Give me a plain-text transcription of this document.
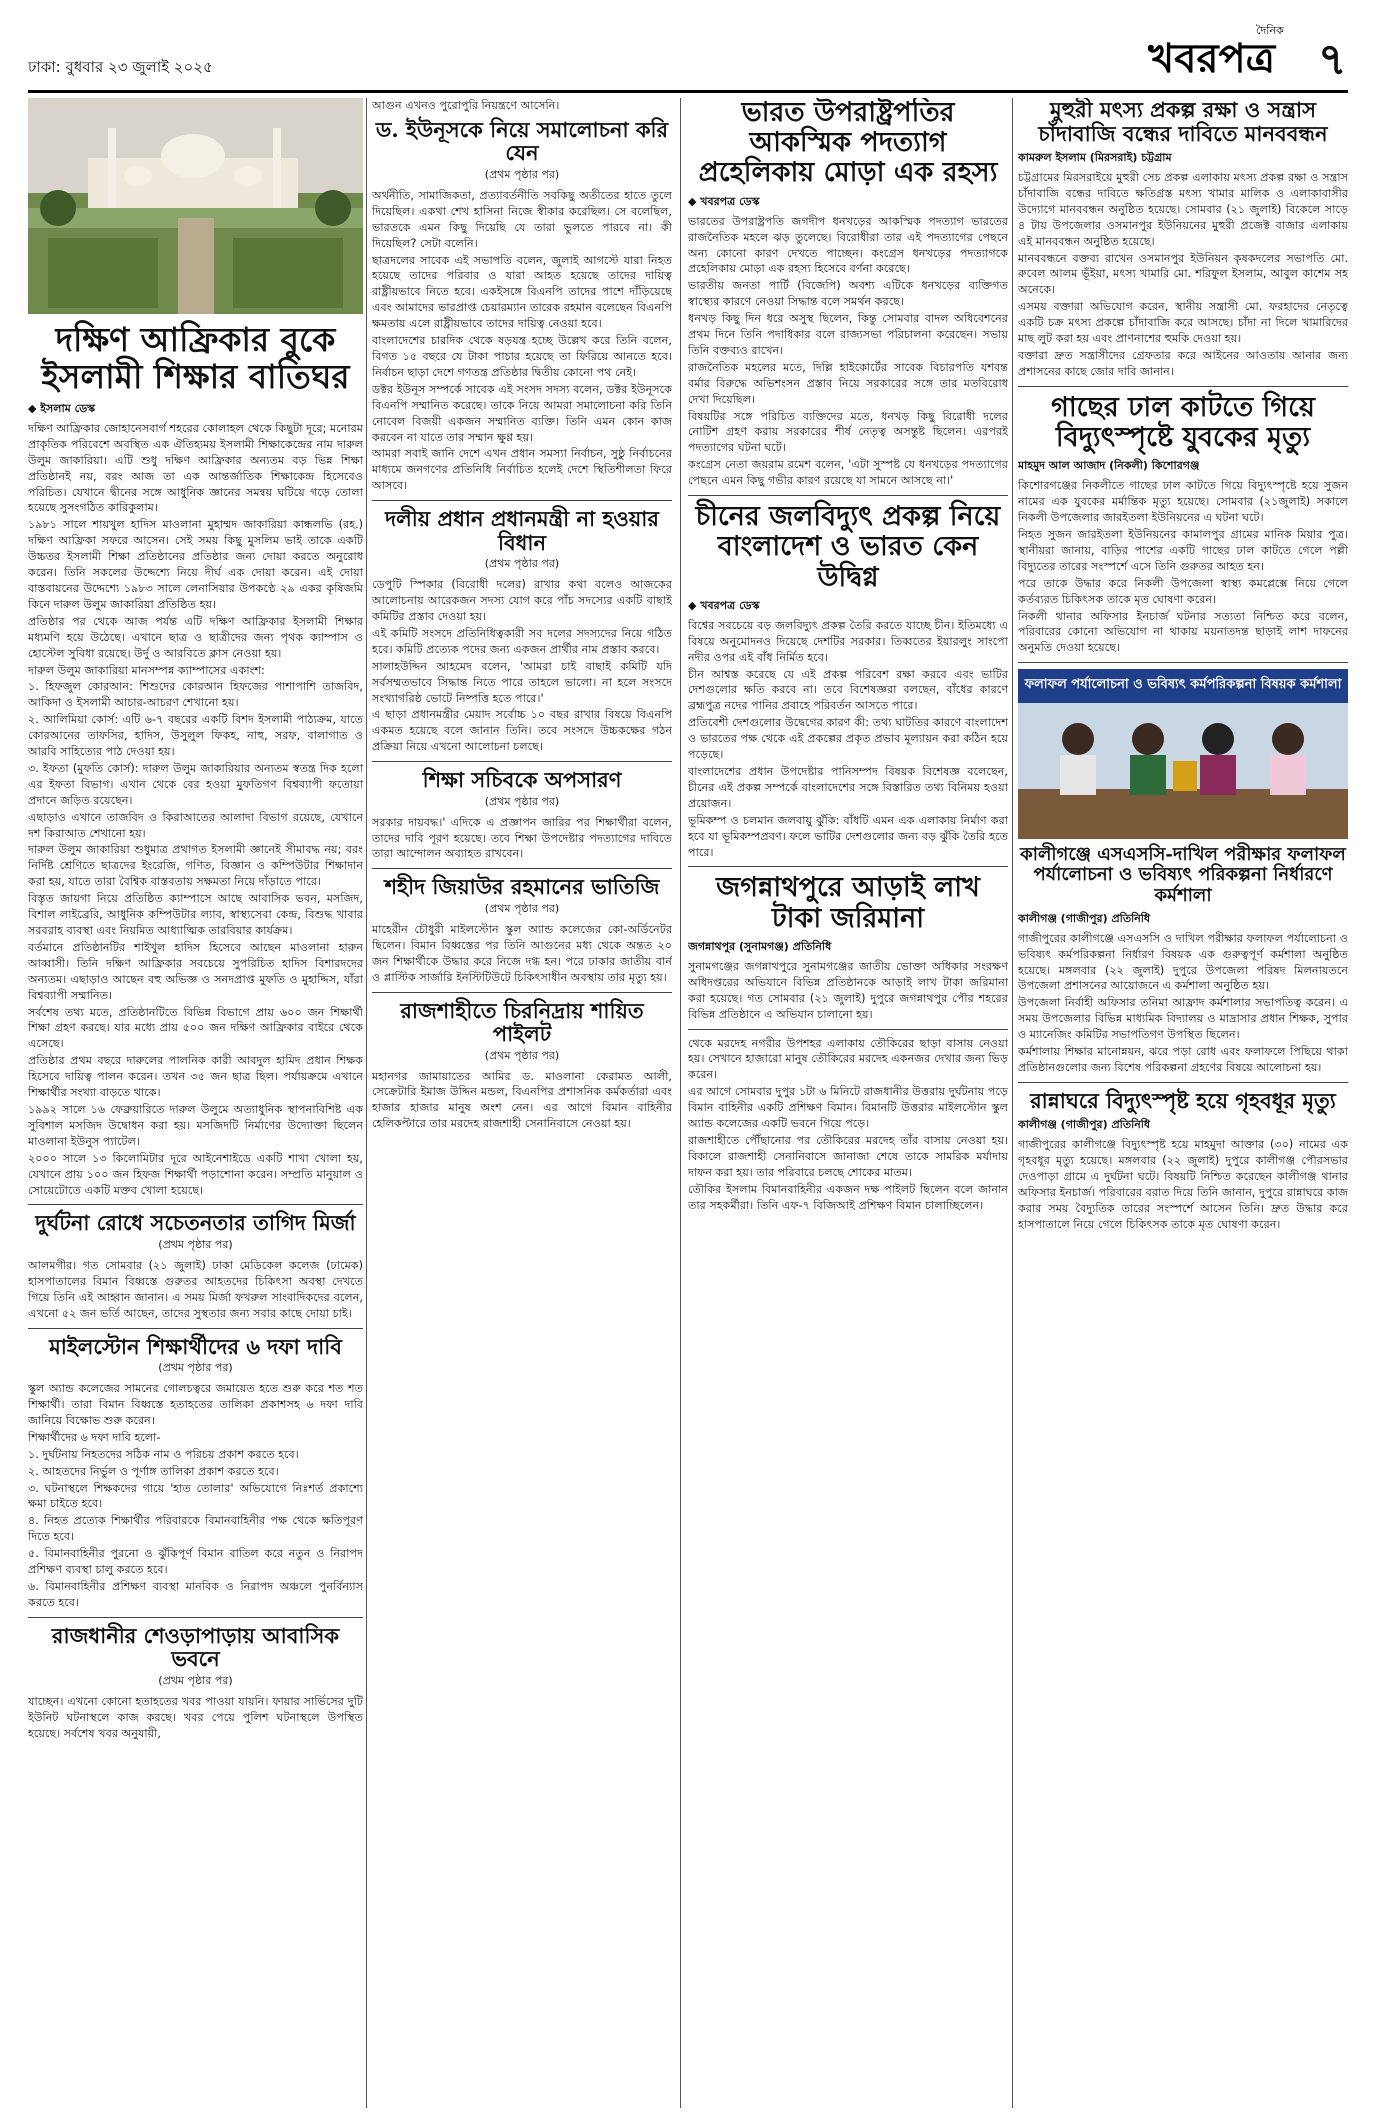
ঢাকা: বুধবার ২৩ জুলাই ২০২৫
দৈনিক
খবরপত্র ৭
দক্ষিণ আফ্রিকার বুকে ইসলামী শিক্ষার বাতিঘর
◆ ইসলাম ডেস্ক

দক্ষিণ আফ্রিকার জোহানেসবার্গ শহরের কোলাহল থেকে কিছুটা দূরে; মনোরম প্রাকৃতিক পরিবেশে অবস্থিত এক ঐতিহ্যময় ইসলামী শিক্ষাকেন্দ্রের নাম দারুল উলুম জাকারিয়া। এটি শুধু দক্ষিণ আফ্রিকার অন্যতম বড় ভিন্ন শিক্ষা প্রতিষ্ঠানই নয়, বরং আজ তা এক আন্তর্জাতিক শিক্ষাকেন্দ্র হিসেবেও পরিচিত। যেখানে দ্বীনের সঙ্গে আধুনিক জ্ঞানের সমন্বয় ঘটিয়ে গড়ে তোলা হয়েছে সুসংগঠিত কারিকুলাম।

১৯৮১ সালে শায়খুল হাদিস মাওলানা মুহাম্মদ জাকারিয়া কান্ধলভি (রহ.) দক্ষিণ আফ্রিকা সফরে আসেন। সেই সময় কিছু মুসলিম ভাই তাকে একটি উচ্চতর ইসলামী শিক্ষা প্রতিষ্ঠানের প্রতিষ্ঠার জন্য দোয়া করতে অনুরোধ করেন। তিনি সকলের উদ্দেশ্যে নিয়ে দীর্ঘ এক দোয়া করেন। এই দোয়া বাস্তবায়নের উদ্দেশ্যে ১৯৮৩ সালে লেনাসিয়ার উপকণ্ঠে ২৯ একর কৃষিজমি কিনে দারুল উলুম জাকারিয়া প্রতিষ্ঠিত হয়।

প্রতিষ্ঠার পর থেকে আজ পর্যন্ত এটি দক্ষিণ আফ্রিকার ইসলামী শিক্ষার মধ্যমণি হয়ে উঠেছে। এখানে ছাত্র ও ছাত্রীদের জন্য পৃথক ক্যাম্পাস ও হোস্টেল সুবিধা রয়েছে। উর্দু ও আরবিতে ক্লাস নেওয়া হয়।

দারুল উলুম জাকারিয়া মানসম্পন্ন ক্যাম্পাসের একাংশ:

১. হিফজুল কোরআন: শিশুদের কোরআন হিফজের পাশাপাশি তাজবিদ, আকিদা ও ইসলামী আচার-আচরণ শেখানো হয়।

২. আলিমিয়া কোর্স: এটি ৬-৭ বছরের একটি বিশদ ইসলামী পাঠ্যক্রম, যাতে কোরআনের তাফসির, হাদিস, উসুলুল ফিকহ, নাহু, সরফ, বালাগাত ও আরবি সাহিত্যের পাঠ দেওয়া হয়।

৩. ইফতা (মুফতি কোর্স): দারুল উলুম জাকারিয়ার অন্যতম স্বতন্ত্র দিক হলো এর ইফতা বিভাগ। এখান থেকে বের হওয়া মুফতিগণ বিশ্বব্যাপী ফতোয়া প্রদানে জড়িত রয়েছেন।

এছাড়াও এখানে তাজবিদ ও কিরাআতের আলাদা বিভাগ রয়েছে, যেখানে দশ কিরাআত শেখানো হয়।

দারুল উলুম জাকারিয়া শুধুমাত্র প্রথাগত ইসলামী জ্ঞানেই সীমাবদ্ধ নয়; বরং নির্দিষ্ট শ্রেণিতে ছাত্রদের ইংরেজি, গণিত, বিজ্ঞান ও কম্পিউটার শিক্ষাদান করা হয়, যাতে তারা বৈশ্বিক বাস্তবতায় সক্ষমতা নিয়ে দাঁড়াতে পারে।

বিস্তৃত জায়গা নিয়ে প্রতিষ্ঠিত ক্যাম্পাসে আছে আবাসিক ভবন, মসজিদ, বিশাল লাইব্রেরি, আধুনিক কম্পিউটার ল্যাব, স্বাস্থ্যসেবা কেন্দ্র, বিশুদ্ধ খাবার সরবরাহ ব্যবস্থা এবং নিয়মিত আধ্যাত্মিক তারবিয়ার কার্যক্রম।

বর্তমানে প্রতিষ্ঠানটির শাইখুল হাদিস হিসেবে আছেন মাওলানা হারুন আব্বাসী। তিনি দক্ষিণ আফ্রিকার সবচেয়ে সুপরিচিত হাদিস বিশারদদের অন্যতম। এছাড়াও আছেন বহু অভিজ্ঞ ও সনদপ্রাপ্ত মুফতি ও মুহাদ্দিস, যাঁরা বিশ্বব্যাপী সম্মানিত।

সর্বশেষ তথ্য মতে, প্রতিষ্ঠানটিতে বিভিন্ন বিভাগে প্রায় ৬০০ জন শিক্ষার্থী শিক্ষা গ্রহণ করছে। যার মধ্যে প্রায় ৫০০ জন দক্ষিণ আফ্রিকার বাইরে থেকে এসেছে।

প্রতিষ্ঠার প্রথম বছরে দারুলের পালনিক কারী আবদুল হামিদ প্রধান শিক্ষক হিসেবে দায়িত্ব পালন করেন। তখন ৩৫ জন ছাত্র ছিল। পর্যায়ক্রমে এখানে শিক্ষার্থীর সংখ্যা বাড়তে থাকে।

১৯৯২ সালে ১৬ ফেব্রুয়ারিতে দারুল উলুমে অত্যাধুনিক স্থাপনাবিশিষ্ট এক সুবিশাল মসজিদ উদ্বোধন করা হয়। মসজিদটি নির্মাণের উদ্যোক্তা ছিলেন মাওলানা ইউনুস প্যাটেল।

২০০০ সালে ১৩ কিলোমিটার দূরে আইনেশাইডে একটি শাখা খোলা হয়, যেখানে প্রায় ১০০ জন হিফজ শিক্ষার্থী পড়াশোনা করেন। সম্প্রতি মানুয়াল ও সোয়েটোতে একটি মক্তব খোলা হয়েছে।

দুর্ঘটনা রোধে সচেতনতার তাগিদ মির্জা
(প্রথম পৃষ্ঠার পর)
আলমগীর। গত সোমবার (২১ জুলাই) ঢাকা মেডিকেল কলেজ (ঢামেক) হাসপাতালের বিমান বিধ্বস্তে গুরুতর আহতদের চিকিৎসা অবস্থা দেখতে গিয়ে তিনি এই আহ্বান জানান। এ সময় মির্জা ফখরুল সাংবাদিকদের বলেন, এখনো ৫২ জন ভর্তি আছেন, তাদের সুস্থতার জন্য সবার কাছে দোয়া চাই।
মাইলস্টোন শিক্ষার্থীদের ৬ দফা দাবি
(প্রথম পৃষ্ঠার পর)

স্কুল অ্যান্ড কলেজের সামনের গোলচত্বরে জমায়েত হতে শুরু করে শত শত শিক্ষার্থী। তারা বিমান বিধ্বস্তে হতাহতের তালিকা প্রকাশসহ ৬ দফা দাবি জানিয়ে বিক্ষোভ শুরু করেন।

শিক্ষার্থীদের ৬ দফা দাবি হলো-

১. দুর্ঘটনায় নিহতদের সঠিক নাম ও পরিচয় প্রকাশ করতে হবে।

২. আহতদের নির্ভুল ও পূর্ণাঙ্গ তালিকা প্রকাশ করতে হবে।

৩. ঘটনাস্থলে শিক্ষকদের গায়ে 'হাত তোলার' অভিযোগে নিঃশর্ত প্রকাশ্যে ক্ষমা চাইতে হবে।

৪. নিহত প্রত্যেক শিক্ষার্থীর পরিবারকে বিমানবাহিনীর পক্ষ থেকে ক্ষতিপূরণ দিতে হবে।

৫. বিমানবাহিনীর পুরনো ও ঝুঁকিপূর্ণ বিমান বাতিল করে নতুন ও নিরাপদ প্রশিক্ষণ ব্যবস্থা চালু করতে হবে।

৬. বিমানবাহিনীর প্রশিক্ষণ ব্যবস্থা মানবিক ও নিরাপদ অঞ্চলে পুনর্বিন্যাস করতে হবে।

রাজধানীর শেওড়াপাড়ায় আবাসিক ভবনে
(প্রথম পৃষ্ঠার পর)
যাচ্ছেন। এখনো কোনো হতাহতের খবর পাওয়া যায়নি। ফায়ার সার্ভিসের দুটি ইউনিট ঘটনাস্থলে কাজ করছে। খবর পেয়ে পুলিশ ঘটনাস্থলে উপস্থিত হয়েছে। সর্বশেষ খবর অনুযায়ী,
আগুন এখনও পুরোপুরি নিয়ন্ত্রণে আসেনি।
ড. ইউনূসকে নিয়ে সমালোচনা করি যেন
(প্রথম পৃষ্ঠার পর)

অর্থনীতি, সামাজিকতা, প্রত্যাবর্তনীতি সবকিছু অতীতের হাতে তুলে দিয়েছিল। একথা শেখ হাসিনা নিজে স্বীকার করেছিল। সে বলেছিল, ভারতকে এমন কিছু দিয়েছি যে তারা ভুলতে পারবে না। কী দিয়েছিল? সেটা বলেনি।

ছাত্রদলের সাবেক এই সভাপতি বলেন, জুলাই আগস্টে যারা নিহত হয়েছে তাদের পরিবার ও যারা আহত হয়েছে তাদের দায়িত্ব রাষ্ট্রীয়ভাবে নিতে হবে। একইসঙ্গে বিএনপি তাদের পাশে দাঁড়িয়েছে এবং আমাদের ভারপ্রাপ্ত চেয়ারম্যান তারেক রহমান বলেছেন বিএনপি ক্ষমতায় এলে রাষ্ট্রীয়ভাবে তাদের দায়িত্ব নেওয়া হবে।

বাংলাদেশের চারদিক থেকে ষড়যন্ত্র হচ্ছে উল্লেখ করে তিনি বলেন, বিগত ১৫ বছরে যে টাকা পাচার হয়েছে তা ফিরিয়ে আনতে হবে। নির্বাচন ছাড়া দেশে গণতন্ত্র প্রতিষ্ঠার দ্বিতীয় কোনো পথ নেই।

ডক্টর ইউনূস সম্পর্কে সাবেক এই সংসদ সদস্য বলেন, ডক্টর ইউনূসকে বিএনপি সম্মানিত করেছে। তাকে নিয়ে আমরা সমালোচনা করি তিনি নোবেল বিজয়ী একজন সম্মানিত ব্যক্তি। তিনি এমন কোন কাজ করবেন না যাতে তার সম্মান ক্ষুণ্ণ হয়।

আমরা সবাই জানি দেশে এখন প্রধান সমস্যা নির্বাচন, সুষ্ঠু নির্বাচনের মাধ্যমে জনগণের প্রতিনিধি নির্বাচিত হলেই দেশে স্থিতিশীলতা ফিরে আসবে।

দলীয় প্রধান প্রধানমন্ত্রী না হওয়ার বিধান
(প্রথম পৃষ্ঠার পর)

ডেপুটি স্পিকার (বিরোধী দলের) রাখার কথা বলেও আজকের আলোচনায় আরেকজন সদস্য যোগ করে পাঁচ সদস্যের একটি বাছাই কমিটির প্রস্তাব দেওয়া হয়।

এই কমিটি সংসদে প্রতিনিধিত্বকারী সব দলের সদস্যদের নিয়ে গঠিত হবে। কমিটি প্রত্যেক পদের জন্য একজন প্রার্থীর নাম প্রস্তাব করবে।

সালাহউদ্দিন আহমেদ বলেন, 'আমরা চাই বাছাই কমিটি যদি সর্বসম্মতভাবে সিদ্ধান্ত নিতে পারে তাহলে ভালো। না হলে সংসদে সংখ্যাগরিষ্ঠ ভোটে নিষ্পত্তি হতে পারে।'

এ ছাড়া প্রধানমন্ত্রীর মেয়াদ সর্বোচ্চ ১০ বছর রাখার বিষয়ে বিএনপি একমত হয়েছে বলে জানান তিনি। তবে সংসদে উচ্চকক্ষের গঠন প্রক্রিয়া নিয়ে এখনো আলোচনা চলছে।

শিক্ষা সচিবকে অপসারণ
(প্রথম পৃষ্ঠার পর)
সরকার দায়বদ্ধ।' এদিকে এ প্রজ্ঞাপন জারির পর শিক্ষার্থীরা বলেন, তাদের দাবি পূরণ হয়েছে। তবে শিক্ষা উপদেষ্টার পদত্যাগের দাবিতে তারা আন্দোলন অব্যাহত রাখবেন।
শহীদ জিয়াউর রহমানের ভাতিজি
(প্রথম পৃষ্ঠার পর)
মাহেরীন চৌধুরী মাইলস্টোন স্কুল অ্যান্ড কলেজের কো-অর্ডিনেটর ছিলেন। বিমান বিধ্বস্তের পর তিনি আগুনের মধ্য থেকে অন্তত ২০ জন শিক্ষার্থীকে উদ্ধার করে নিজে দগ্ধ হন। পরে ঢাকার জাতীয় বার্ন ও প্লাস্টিক সার্জারি ইনস্টিটিউটে চিকিৎসাধীন অবস্থায় তার মৃত্যু হয়।
রাজশাহীতে চিরনিদ্রায় শায়িত পাইলট
(প্রথম পৃষ্ঠার পর)
মহানগর জামায়াতের আমির ড. মাওলানা কেরামত আলী, সেক্রেটারি ইমাজ উদ্দিন মন্ডল, বিএনপির প্রশাসনিক কর্মকর্তারা এবং হাজার হাজার মানুষ অংশ নেন। এর আগে বিমান বাহিনীর হেলিকপ্টারে তার মরদেহ রাজশাহী সেনানিবাসে নেওয়া হয়।
ভারত উপরাষ্ট্রপতির আকস্মিক পদত্যাগ প্রহেলিকায় মোড়া এক রহস্য
◆ খবরপত্র ডেস্ক

ভারতের উপরাষ্ট্রপতি জগদীপ ধনখড়ের আকস্মিক পদত্যাগ ভারতের রাজনৈতিক মহলে ঝড় তুলেছে। বিরোধীরা তার এই পদত্যাগের পেছনে অন্য কোনো কারণ দেখতে পাচ্ছেন। কংগ্রেস ধনখড়ের পদত্যাগকে প্রহেলিকায় মোড়া এক রহস্য হিসেবে বর্ণনা করেছে।

ভারতীয় জনতা পার্টি (বিজেপি) অবশ্য এটিকে ধনখড়ের ব্যক্তিগত স্বাস্থ্যের কারণে নেওয়া সিদ্ধান্ত বলে সমর্থন করছে।

ধনখড় কিছু দিন ধরে অসুস্থ ছিলেন, কিন্তু সোমবার বাদল অধিবেশনের প্রথম দিনে তিনি পদাধিকার বলে রাজ্যসভা পরিচালনা করেছেন। সভায় তিনি বক্তব্যও রাখেন।

রাজনৈতিক মহলের মতে, দিল্লি হাইকোর্টের সাবেক বিচারপতি যশবন্ত বর্মার বিরুদ্ধে অভিশংসন প্রস্তাব নিয়ে সরকারের সঙ্গে তার মতবিরোধ দেখা দিয়েছিল।

বিষয়টির সঙ্গে পরিচিত ব্যক্তিদের মতে, ধনখড় কিছু বিরোধী দলের নোটিশ গ্রহণ করায় সরকারের শীর্ষ নেতৃত্ব অসন্তুষ্ট ছিলেন। এরপরই পদত্যাগের ঘটনা ঘটে।

কংগ্রেস নেতা জয়রাম রমেশ বলেন, 'এটা সুস্পষ্ট যে ধনখড়ের পদত্যাগের পেছনে এমন কিছু গভীর কারণ রয়েছে যা সামনে আসছে না।'

চীনের জলবিদ্যুৎ প্রকল্প নিয়ে বাংলাদেশ ও ভারত কেন উদ্বিগ্ন
◆ খবরপত্র ডেস্ক

বিশ্বের সবচেয়ে বড় জলবিদ্যুৎ প্রকল্প তৈরি করতে যাচ্ছে চীন। ইতিমধ্যে এ বিষয়ে অনুমোদনও দিয়েছে দেশটির সরকার। তিব্বতের ইয়ারলুং সাংপো নদীর ওপর এই বাঁধ নির্মিত হবে।

চীন আশ্বস্ত করেছে যে এই প্রকল্প পরিবেশ রক্ষা করবে এবং ভাটির দেশগুলোর ক্ষতি করবে না। তবে বিশেষজ্ঞরা বলছেন, বাঁধের কারণে ব্রহ্মপুত্র নদের পানির প্রবাহে পরিবর্তন আসতে পারে।

প্রতিবেশী দেশগুলোর উদ্বেগের কারণ কী: তথ্য ঘাটতির কারণে বাংলাদেশ ও ভারতের পক্ষ থেকে এই প্রকল্পের প্রকৃত প্রভাব মূল্যায়ন করা কঠিন হয়ে পড়েছে।

বাংলাদেশের প্রধান উপদেষ্টার পানিসম্পদ বিষয়ক বিশেষজ্ঞ বলেছেন, চীনের এই প্রকল্প সম্পর্কে বাংলাদেশের সঙ্গে বিস্তারিত তথ্য বিনিময় হওয়া প্রয়োজন।

ভূমিকম্প ও চলমান জলবায়ু ঝুঁকি: বাঁধটি এমন এক এলাকায় নির্মাণ করা হবে যা ভূমিকম্পপ্রবণ। ফলে ভাটির দেশগুলোর জন্য বড় ঝুঁকি তৈরি হতে পারে।

জগন্নাথপুরে আড়াই লাখ টাকা জরিমানা
জগন্নাথপুর (সুনামগঞ্জ) প্রতিনিধি
সুনামগঞ্জের জগন্নাথপুরে সুনামগঞ্জের জাতীয় ভোক্তা অধিকার সংরক্ষণ অধিদপ্তরের অভিযানে বিভিন্ন প্রতিষ্ঠানকে আড়াই লাখ টাকা জরিমানা করা হয়েছে। গত সোমবার (২১ জুলাই) দুপুরে জগন্নাথপুর পৌর শহরের বিভিন্ন প্রতিষ্ঠানে এ অভিযান চালানো হয়।

থেকে মরদেহ নগরীর উপশহর এলাকায় তৌকিরের ছাড়া বাসায় নেওয়া হয়। সেখানে হাজারো মানুষ তৌকিরের মরদেহ একনজর দেখার জন্য ভিড় করেন।

এর আগে সোমবার দুপুর ১টা ৬ মিনিটে রাজধানীর উত্তরায় দুর্ঘটনায় পড়ে বিমান বাহিনীর একটি প্রশিক্ষণ বিমান। বিমানটি উত্তরার মাইলস্টোন স্কুল অ্যান্ড কলেজের একটি ভবনে গিয়ে পড়ে।

রাজশাহীতে পৌঁছানোর পর তৌকিরের মরদেহ তাঁর বাসায় নেওয়া হয়। বিকালে রাজশাহী সেনানিবাসে জানাজা শেষে তাকে সামরিক মর্যাদায় দাফন করা হয়। তার পরিবারে চলছে শোকের মাতম।

তৌকির ইসলাম বিমানবাহিনীর একজন দক্ষ পাইলট ছিলেন বলে জানান তার সহকর্মীরা। তিনি এফ-৭ বিজিআই প্রশিক্ষণ বিমান চালাচ্ছিলেন।

মুহুরী মৎস্য প্রকল্প রক্ষা ও সন্ত্রাস চাঁদাবাজি বন্ধের দাবিতে মানববন্ধন
কামরুল ইসলাম (মিরসরাই) চট্টগ্রাম

চট্টগ্রামের মিরসরাইয়ে মুহুরী সেচ প্রকল্প এলাকায় মৎস্য প্রকল্প রক্ষা ও সন্ত্রাস চাঁদাবাজি বন্ধের দাবিতে ক্ষতিগ্রস্ত মৎস্য খামার মালিক ও এলাকাবাসীর উদ্যোগে মানববন্ধন অনুষ্ঠিত হয়েছে। সোমবার (২১ জুলাই) বিকেলে সাড়ে ৪ টায় উপজেলার ওসমানপুর ইউনিয়নের মুহুরী প্রজেক্ট বাজার এলাকায় এই মানববন্ধন অনুষ্ঠিত হয়েছে।

মানববন্ধনে বক্তব্য রাখেন ওসমানপুর ইউনিয়ন কৃষকদলের সভাপতি মো. রুবেল আলম ভূঁইয়া, মৎস্য খামারি মো. শরিফুল ইসলাম, আবুল কাশেম সহ অনেকে।

এসময় বক্তারা অভিযোগ করেন, স্থানীয় সন্ত্রাসী মো. ফরহাদের নেতৃত্বে একটি চক্র মৎস্য প্রকল্পে চাঁদাবাজি করে আসছে। চাঁদা না দিলে খামারিদের মাছ লুট করা হয় এবং প্রাণনাশের হুমকি দেওয়া হয়।

বক্তারা দ্রুত সন্ত্রাসীদের গ্রেফতার করে আইনের আওতায় আনার জন্য প্রশাসনের কাছে জোর দাবি জানান।

গাছের ঢাল কাটতে গিয়ে বিদ্যুৎস্পৃষ্টে যুবকের মৃত্যু
মাহমুদ আল আজাদ (নিকলী) কিশোরগঞ্জ

কিশোরগঞ্জের নিকলীতে গাছের ঢাল কাটতে গিয়ে বিদ্যুৎস্পৃষ্টে হয়ে সুজন নামের এক যুবকের মর্মান্তিক মৃত্যু হয়েছে। সোমবার (২১জুলাই) সকালে নিকলী উপজেলার জারইতলা ইউনিয়নের এ ঘটনা ঘটে।

নিহত সুজন জারইতলা ইউনিয়নের কামালপুর গ্রামের মানিক মিয়ার পুত্র। স্থানীয়রা জানায়, বাড়ির পাশের একটি গাছের ঢাল কাটতে গেলে পল্লী বিদ্যুতের তারের সংস্পর্শে এসে তিনি গুরুতর আহত হন।

পরে তাকে উদ্ধার করে নিকলী উপজেলা স্বাস্থ্য কমপ্লেক্সে নিয়ে গেলে কর্তব্যরত চিকিৎসক তাকে মৃত ঘোষণা করেন।

নিকলী থানার অফিসার ইনচার্জ ঘটনার সত্যতা নিশ্চিত করে বলেন, পরিবারের কোনো অভিযোগ না থাকায় ময়নাতদন্ত ছাড়াই লাশ দাফনের অনুমতি দেওয়া হয়েছে।

ফলাফল পর্যালোচনা ও ভবিষ্যৎ কর্মপরিকল্পনা বিষয়ক কর্মশালা
কালীগঞ্জে এসএসসি-দাখিল পরীক্ষার ফলাফল পর্যালোচনা ও ভবিষ্যৎ পরিকল্পনা নির্ধারণে কর্মশালা
কালীগঞ্জ (গাজীপুর) প্রতিনিধি

গাজীপুরের কালীগঞ্জে এসএসসি ও দাখিল পরীক্ষার ফলাফল পর্যালোচনা ও ভবিষ্যৎ কর্মপরিকল্পনা নির্ধারণ বিষয়ক এক গুরুত্বপূর্ণ কর্মশালা অনুষ্ঠিত হয়েছে। মঙ্গলবার (২২ জুলাই) দুপুরে উপজেলা পরিষদ মিলনায়তনে উপজেলা প্রশাসনের আয়োজনে এ কর্মশালা অনুষ্ঠিত হয়।

উপজেলা নির্বাহী অফিসার তনিমা আফ্রাদ কর্মশালার সভাপতিত্ব করেন। এ সময় উপজেলার বিভিন্ন মাধ্যমিক বিদ্যালয় ও মাদ্রাসার প্রধান শিক্ষক, সুপার ও ম্যানেজিং কমিটির সভাপতিগণ উপস্থিত ছিলেন।

কর্মশালায় শিক্ষার মানোন্নয়ন, ঝরে পড়া রোধ এবং ফলাফলে পিছিয়ে থাকা প্রতিষ্ঠানগুলোর জন্য বিশেষ পরিকল্পনা গ্রহণের বিষয়ে আলোচনা হয়।

রান্নাঘরে বিদ্যুৎস্পৃষ্ট হয়ে গৃহবধূর মৃত্যু
কালীগঞ্জ (গাজীপুর) প্রতিনিধি
গাজীপুরের কালীগঞ্জে বিদ্যুৎস্পৃষ্ট হয়ে মাহমুদা আক্তার (৩০) নামের এক গৃহবধূর মৃত্যু হয়েছে। মঙ্গলবার (২২ জুলাই) দুপুরে কালীগঞ্জ পৌরসভার দেওপাড়া গ্রামে এ দুর্ঘটনা ঘটে। বিষয়টি নিশ্চিত করেছেন কালীগঞ্জ থানার অফিসার ইনচার্জ। পরিবারের বরাত দিয়ে তিনি জানান, দুপুরে রান্নাঘরে কাজ করার সময় বৈদ্যুতিক তারের সংস্পর্শে আসেন তিনি। দ্রুত উদ্ধার করে হাসপাতালে নিয়ে গেলে চিকিৎসক তাকে মৃত ঘোষণা করেন।
